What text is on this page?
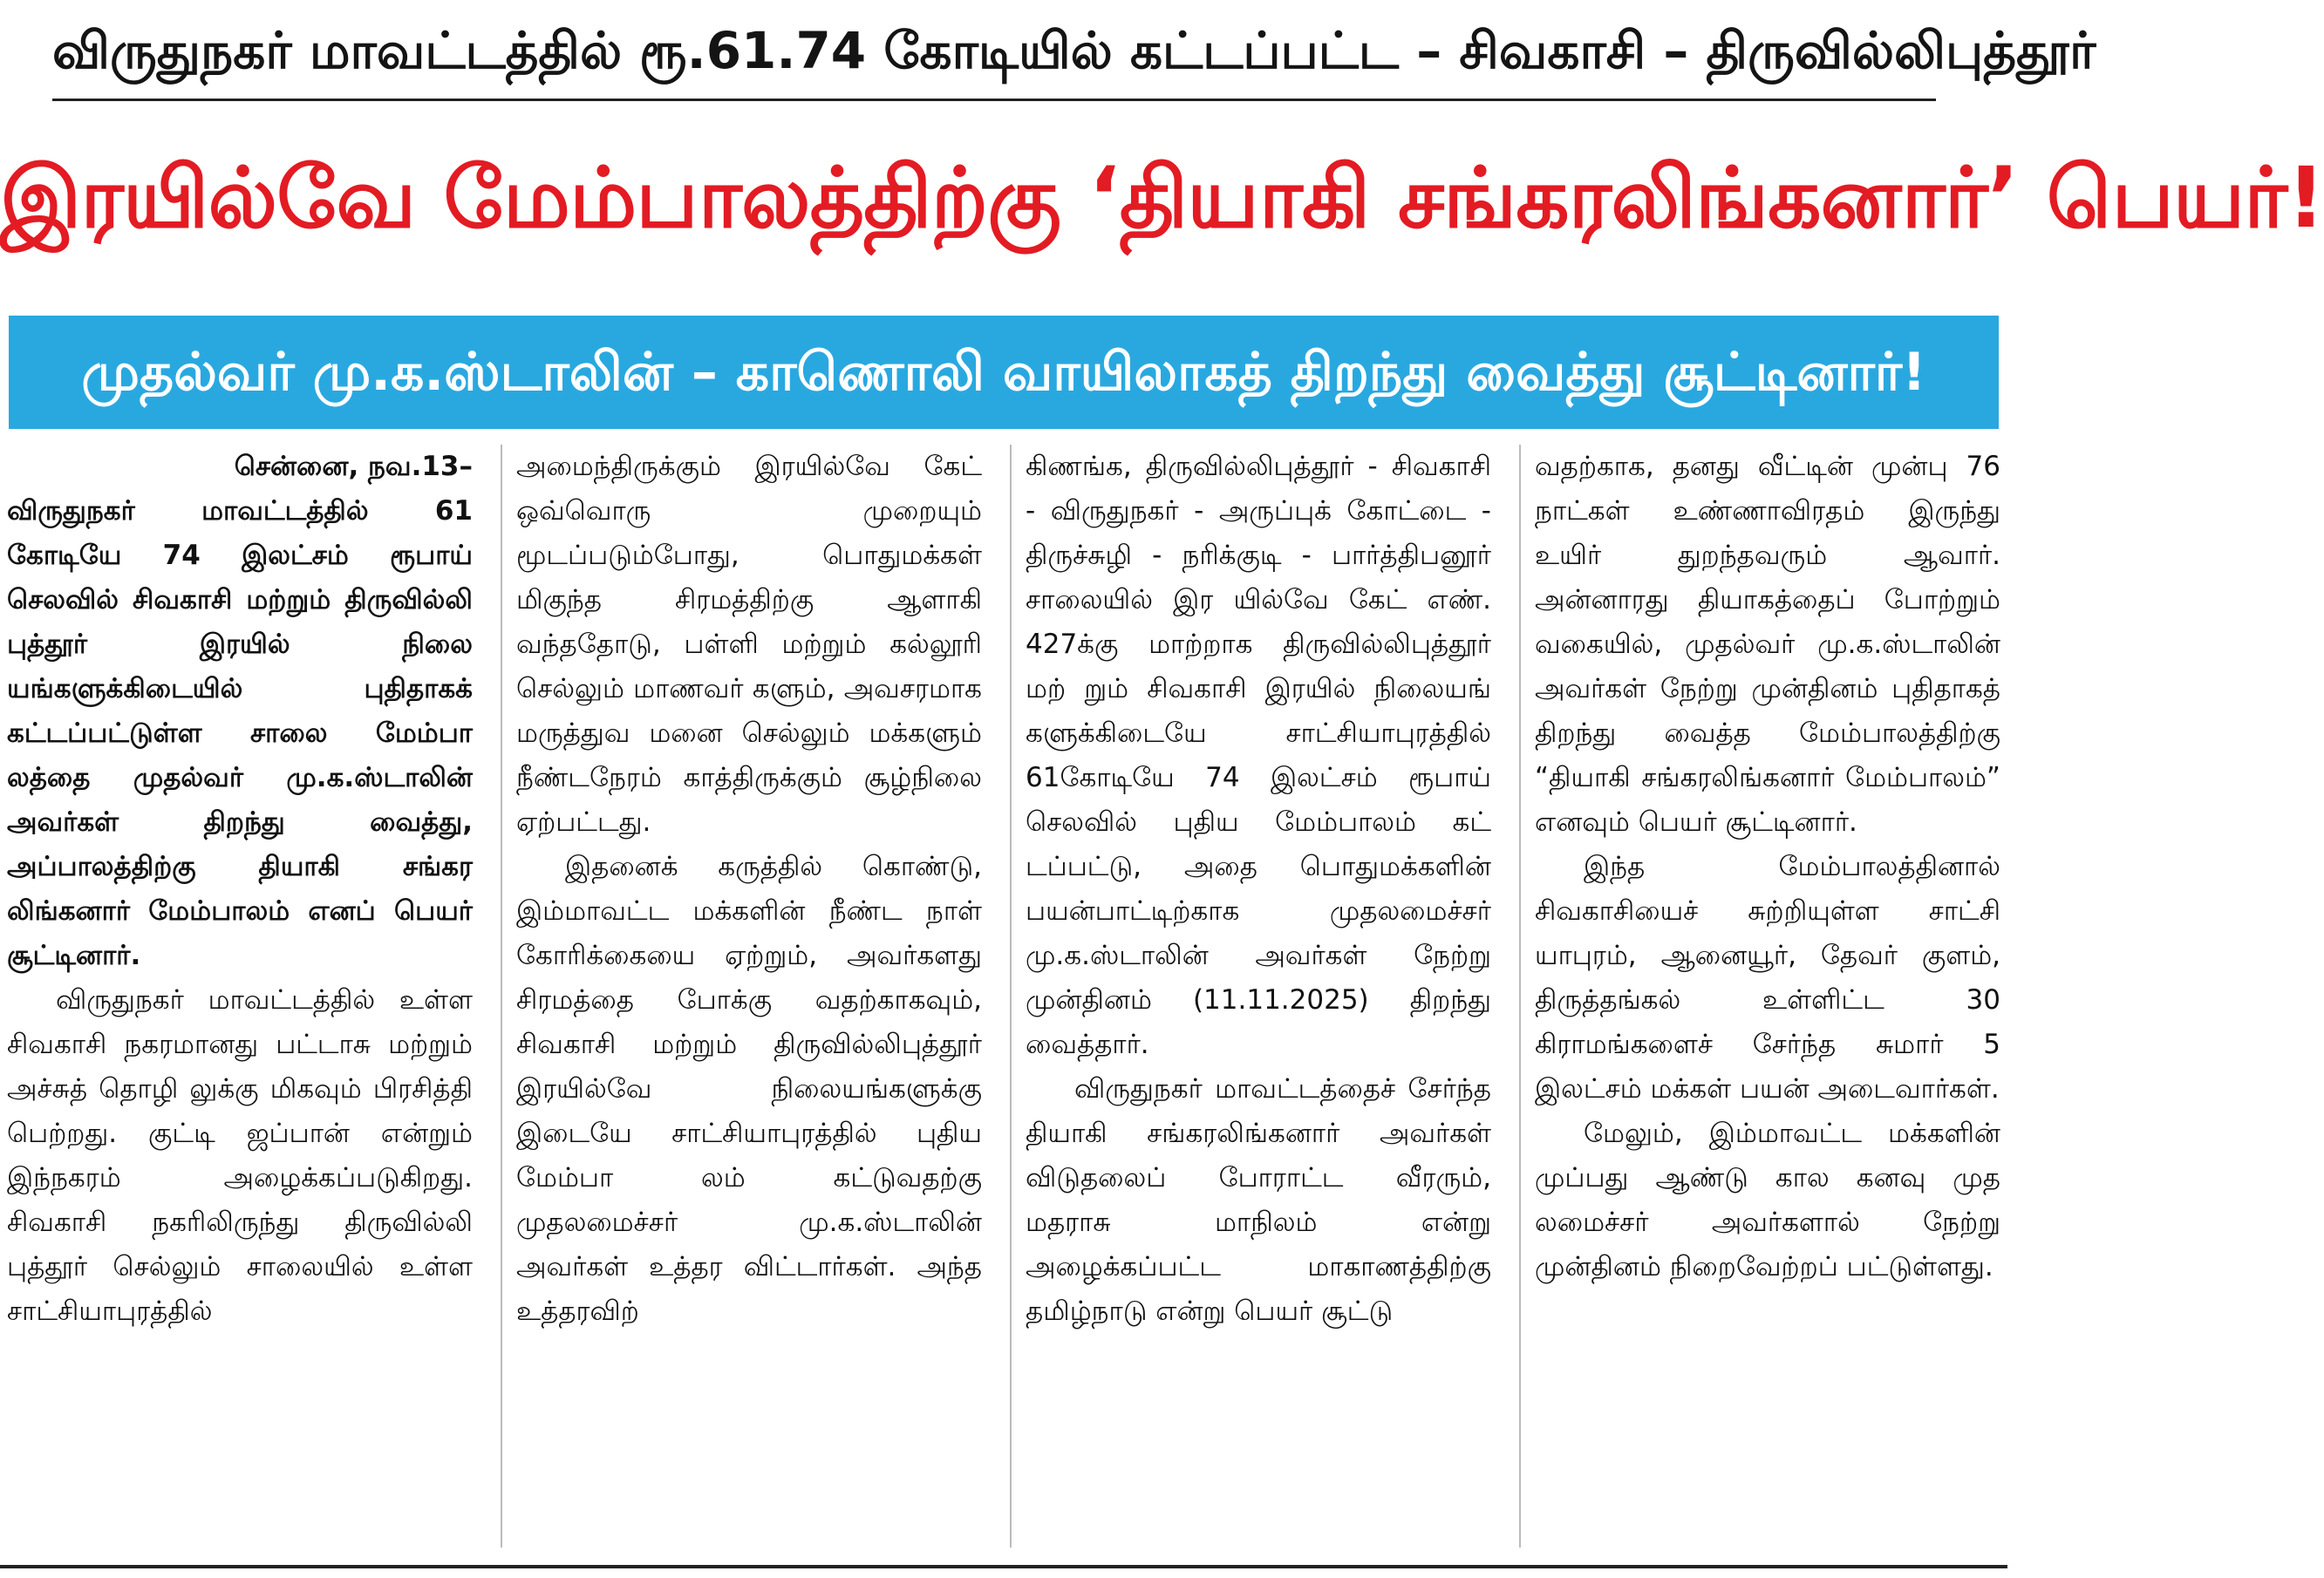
விருதுநகர் மாவட்டத்தில் ரூ.61.74 கோடியில் கட்டப்பட்ட – சிவகாசி – திருவில்லிபுத்தூர்
இரயில்வே மேம்பாலத்திற்கு ‘தியாகி சங்கரலிங்கனார்’ பெயர்!
முதல்வர் மு.க.ஸ்டாலின் – காணொலி வாயிலாகத் திறந்து வைத்து சூட்டினார்!
சென்னை, நவ.13–

விருதுநகர் மாவட்டத்தில் 61 கோடியே 74 இலட்சம் ரூபாய் செலவில் சிவகாசி மற்றும் திருவில்லி புத்தூர் இரயில் நிலை யங்களுக்கிடையில் புதிதாகக் கட்டப்பட்டுள்ள சாலை மேம்பா லத்தை முதல்வர் மு.க.ஸ்டாலின் அவர்கள் திறந்து வைத்து, அப்பாலத்திற்கு தியாகி சங்கர லிங்கனார் மேம்பாலம் எனப் பெயர் சூட்டினார்.

விருதுநகர் மாவட்டத்தில் உள்ள சிவகாசி நகரமானது பட்டாசு மற்றும் அச்சுத் தொழி லுக்கு மிகவும் பிரசித்தி பெற்றது. குட்டி ஜப்பான் என்றும் இந்நகரம் அழைக்கப்படுகிறது. சிவகாசி நகரிலிருந்து திருவில்லி புத்தூர் செல்லும் சாலையில் உள்ள சாட்சியாபுரத்தில்

அமைந்திருக்கும் இரயில்வே கேட் ஒவ்வொரு முறையும் மூடப்படும்போது, பொதுமக்கள் மிகுந்த சிரமத்திற்கு ஆளாகி வந்ததோடு, பள்ளி மற்றும் கல்லூரி செல்லும் மாணவர் களும், அவசரமாக மருத்துவ மனை செல்லும் மக்களும் நீண்டநேரம் காத்திருக்கும் சூழ்நிலை ஏற்பட்டது.

இதனைக் கருத்தில் கொண்டு, இம்மாவட்ட மக்களின் நீண்ட நாள் கோரிக்கையை ஏற்றும், அவர்களது சிரமத்தை போக்கு வதற்காகவும், சிவகாசி மற்றும் திருவில்லிபுத்தூர் இரயில்வே நிலையங்களுக்கு இடையே சாட்சியாபுரத்தில் புதிய மேம்பா லம் கட்டுவதற்கு முதலமைச்சர் மு.க.ஸ்டாலின் அவர்கள் உத்தர விட்டார்கள். அந்த உத்தரவிற்

கிணங்க, திருவில்லிபுத்தூர் - சிவகாசி - விருதுநகர் - அருப்புக் கோட்டை - திருச்சுழி - நரிக்குடி - பார்த்திபனூர் சாலையில் இர யில்வே கேட் எண். 427க்கு மாற்றாக திருவில்லிபுத்தூர் மற் றும் சிவகாசி இரயில் நிலையங் களுக்கிடையே சாட்சியாபுரத்தில் 61கோடியே 74 இலட்சம் ரூபாய் செலவில் புதிய மேம்பாலம் கட் டப்பட்டு, அதை பொதுமக்களின் பயன்பாட்டிற்காக முதலமைச்சர் மு.க.ஸ்டாலின் அவர்கள் நேற்று முன்தினம் (11.11.2025) திறந்து வைத்தார்.

விருதுநகர் மாவட்டத்தைச் சேர்ந்த தியாகி சங்கரலிங்கனார் அவர்கள் விடுதலைப் போராட்ட வீரரும், மதராசு மாநிலம் என்று அழைக்கப்பட்ட மாகாணத்திற்கு தமிழ்நாடு என்று பெயர் சூட்டு

வதற்காக, தனது வீட்டின் முன்பு 76 நாட்கள் உண்ணாவிரதம் இருந்து உயிர் துறந்தவரும் ஆவார். அன்னாரது தியாகத்தைப் போற்றும் வகையில், முதல்வர் மு.க.ஸ்டாலின் அவர்கள் நேற்று முன்தினம் புதிதாகத் திறந்து வைத்த மேம்பாலத்திற்கு “தியாகி சங்கரலிங்கனார் மேம்பாலம்” எனவும் பெயர் சூட்டினார்.

இந்த மேம்பாலத்தினால் சிவகாசியைச் சுற்றியுள்ள சாட்சி யாபுரம், ஆனையூர், தேவர் குளம், திருத்தங்கல் உள்ளிட்ட 30 கிராமங்களைச் சேர்ந்த சுமார் 5 இலட்சம் மக்கள் பயன் அடைவார்கள்.

மேலும், இம்மாவட்ட மக்களின் முப்பது ஆண்டு கால கனவு முத லமைச்சர் அவர்களால் நேற்று முன்தினம் நிறைவேற்றப் பட்டுள்ளது.
